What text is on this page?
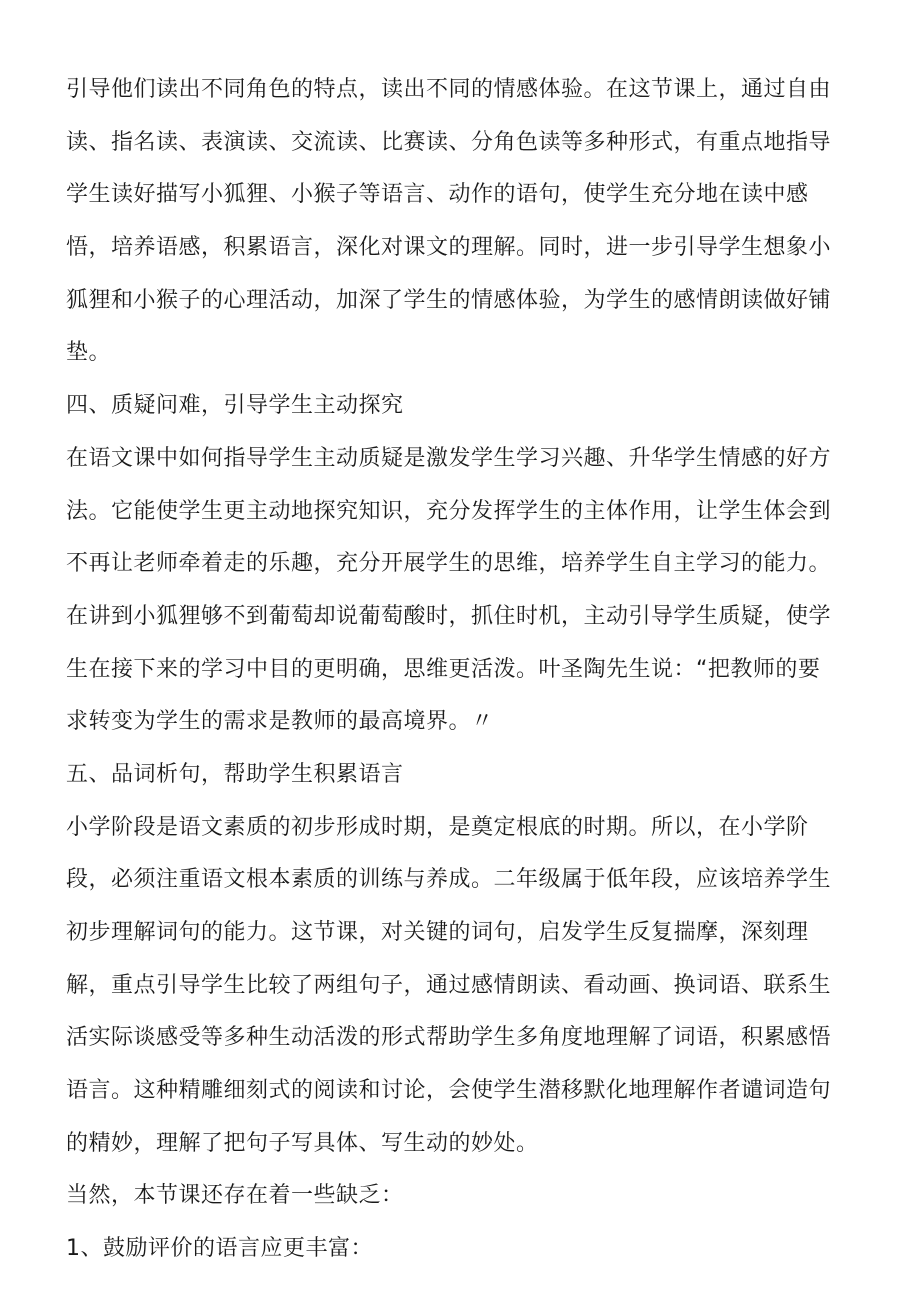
引导他们读出不同角色的特点，读出不同的情感体验。在这节课上，通过自由
读、指名读、表演读、交流读、比赛读、分角色读等多种形式，有重点地指导
学生读好描写小狐狸、小猴子等语言、动作的语句，使学生充分地在读中感
悟，培养语感，积累语言，深化对课文的理解。同时，进一步引导学生想象小
狐狸和小猴子的心理活动，加深了学生的情感体验，为学生的感情朗读做好铺
垫。
四、质疑问难，引导学生主动探究
在语文课中如何指导学生主动质疑是激发学生学习兴趣、升华学生情感的好方
法。它能使学生更主动地探究知识，充分发挥学生的主体作用，让学生体会到
不再让老师牵着走的乐趣，充分开展学生的思维，培养学生自主学习的能力。
在讲到小狐狸够不到葡萄却说葡萄酸时，抓住时机，主动引导学生质疑，使学
生在接下来的学习中目的更明确，思维更活泼。叶圣陶先生说：“把教师的要
求转变为学生的需求是教师的最高境界。〃
五、品词析句，帮助学生积累语言
小学阶段是语文素质的初步形成时期，是奠定根底的时期。所以，在小学阶
段，必须注重语文根本素质的训练与养成。二年级属于低年段，应该培养学生
初步理解词句的能力。这节课，对关键的词句，启发学生反复揣摩，深刻理
解，重点引导学生比较了两组句子，通过感情朗读、看动画、换词语、联系生
活实际谈感受等多种生动活泼的形式帮助学生多角度地理解了词语，积累感悟
语言。这种精雕细刻式的阅读和讨论，会使学生潜移默化地理解作者谴词造句
的精妙，理解了把句子写具体、写生动的妙处。
当然，本节课还存在着一些缺乏：
1、鼓励评价的语言应更丰富：
